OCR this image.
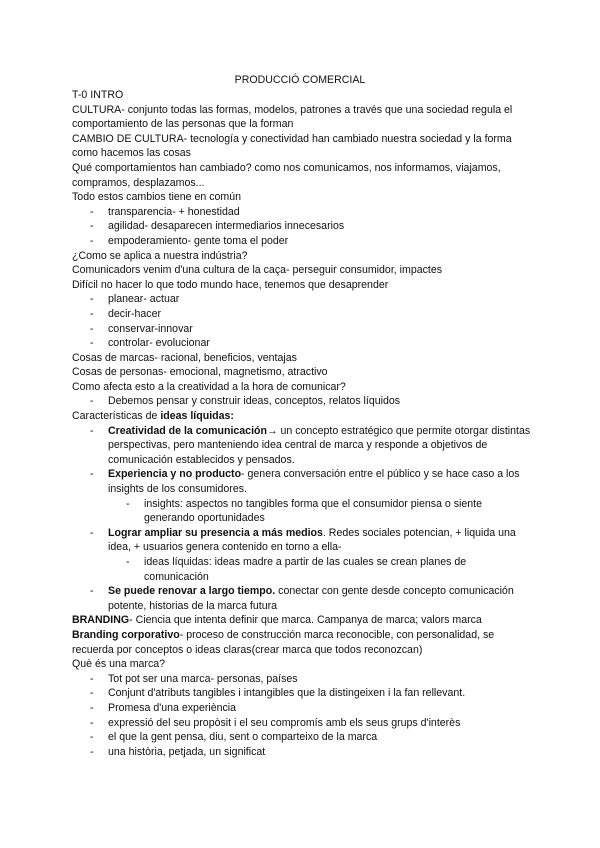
PRODUCCIÓ COMERCIAL

T-0 INTRO

CULTURA- conjunto todas las formas, modelos, patrones a través que una sociedad regula el comportamiento de las personas que la forman

CAMBIO DE CULTURA- tecnología y conectividad han cambiado nuestra sociedad y la forma como hacemos las cosas

Qué comportamientos han cambiado? como nos comunicamos, nos informamos, viajamos, compramos, desplazamos...

Todo estos cambios tiene en común

- transparencia- + honestidad
- agilidad- desaparecen intermediarios innecesarios
- empoderamiento- gente toma el poder

¿Como se aplica a nuestra indústria?

Comunicadors venim d'una cultura de la caça- perseguir consumidor, impactes

Difícil no hacer lo que todo mundo hace, tenemos que desaprender

- planear- actuar
- decir-hacer
- conservar-innovar
- controlar- evolucionar

Cosas de marcas- racional, beneficios, ventajas

Cosas de personas- emocional, magnetismo, atractivo

Como afecta esto a la creatividad a la hora de comunicar?

- Debemos pensar y construir ideas, conceptos, relatos líquidos

Características de ideas líquidas:

- Creatividad de la comunicación→ un concepto estratégico que permite otorgar distintas perspectivas, pero manteniendo idea central de marca y responde a objetivos de comunicación establecidos y pensados.
- Experiencia y no producto- genera conversación entre el público y se hace caso a los insights de los consumidores.
- insights: aspectos no tangibles forma que el consumidor piensa o siente generando oportunidades
- Lograr ampliar su presencia a más medios. Redes sociales potencian, + liquida una idea, + usuarios genera contenido en torno a ella-
- ideas líquidas: ideas madre a partir de las cuales se crean planes de comunicación
- Se puede renovar a largo tiempo. conectar con gente desde concepto comunicación potente, historias de la marca futura

BRANDING- Ciencia que intenta definir que marca. Campanya de marca; valors marca

Branding corporativo- proceso de construcción marca reconocible, con personalidad, se recuerda por conceptos o ideas claras(crear marca que todos reconozcan)

Què és una marca?

- Tot pot ser una marca- personas, países
- Conjunt d'atributs tangibles i intangibles que la distingeixen i la fan rellevant.
- Promesa d'una experiència
- expressió del seu propòsit i el seu compromís amb els seus grups d'interès
- el que la gent pensa, diu, sent o comparteixo de la marca
- una història, petjada, un significat
